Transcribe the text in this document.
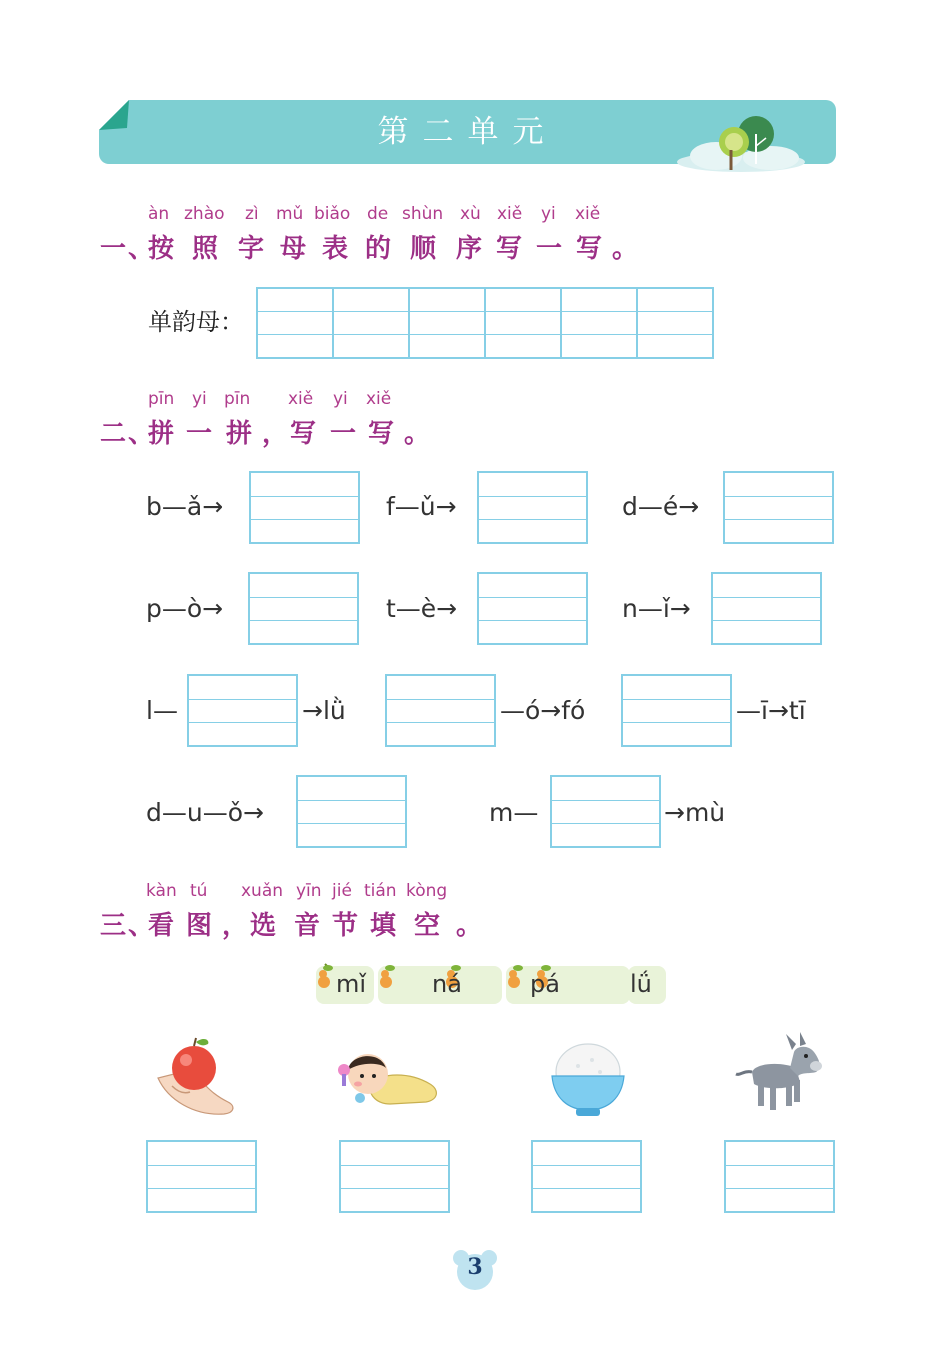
第二单元
àn zhào zì mǔ biǎo de shùn xù xiě yi xiě
一、
按 照 字 母 表 的 顺 序 写 一 写 。
单韵母：
pīn yi pīn xiě yi xiě
二、
拼 一 拼 ， 写 一 写 。
b—ǎ→	f—ǔ→	d—é→
p—ò→	t—è→	n—ǐ→
l—	→lǜ	—ó→fó	—ī→tī
d—u—ǒ→	m—	→mù
kàn tú xuǎn yīn jié tián kòng
三、
看 图 ， 选 音 节 填 空 。
mǐ	ná	pá	lǘ
3
